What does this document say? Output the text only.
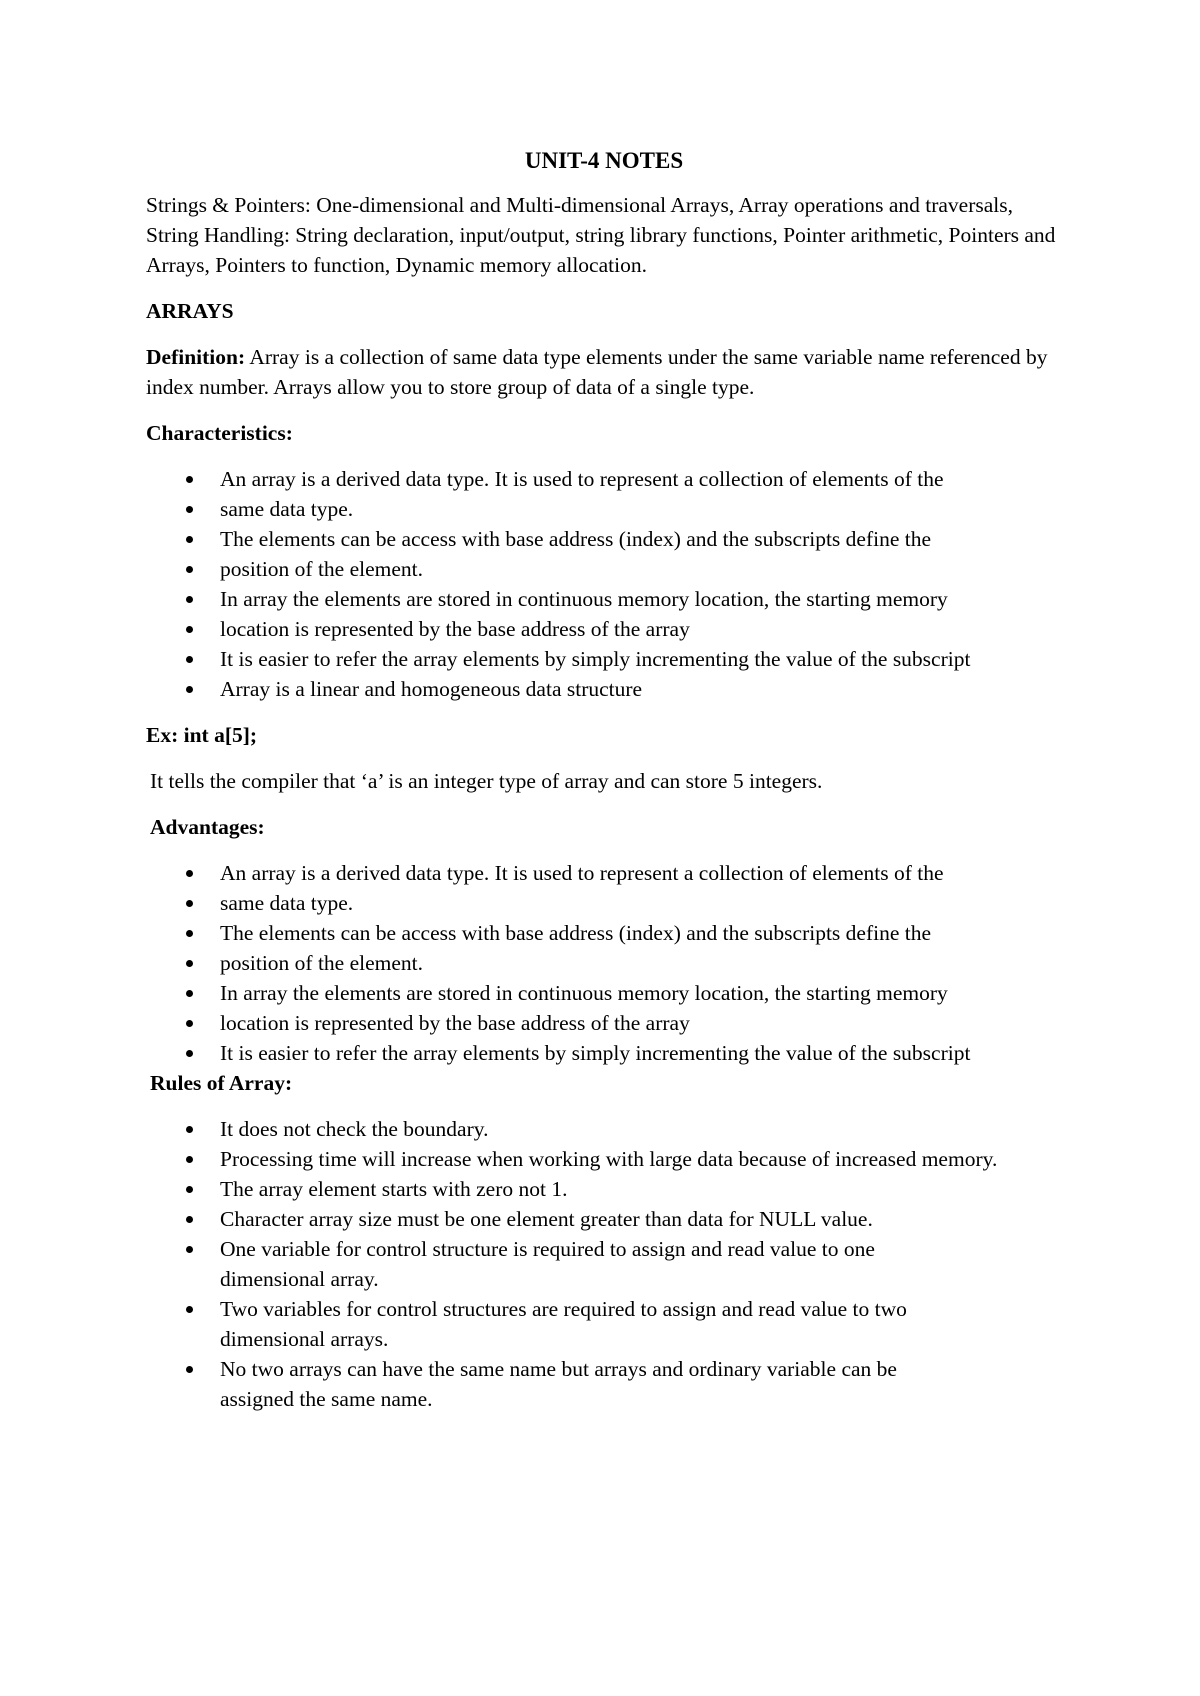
UNIT-4 NOTES

Strings & Pointers: One-dimensional and Multi-dimensional Arrays, Array operations and traversals, String Handling: String declaration, input/output, string library functions, Pointer arithmetic, Pointers and Arrays, Pointers to function, Dynamic memory allocation.

ARRAYS

Definition: Array is a collection of same data type elements under the same variable name referenced by index number. Arrays allow you to store group of data of a single type.

Characteristics:

An array is a derived data type. It is used to represent a collection of elements of the
same data type.
The elements can be access with base address (index) and the subscripts define the
position of the element.
In array the elements are stored in continuous memory location, the starting memory
location is represented by the base address of the array
It is easier to refer the array elements by simply incrementing the value of the subscript
Array is a linear and homogeneous data structure

Ex: int a[5];

It tells the compiler that ‘a’ is an integer type of array and can store 5 integers.

Advantages:

An array is a derived data type. It is used to represent a collection of elements of the
same data type.
The elements can be access with base address (index) and the subscripts define the
position of the element.
In array the elements are stored in continuous memory location, the starting memory
location is represented by the base address of the array
It is easier to refer the array elements by simply incrementing the value of the subscript

Rules of Array:

It does not check the boundary.
Processing time will increase when working with large data because of increased memory.
The array element starts with zero not 1.
Character array size must be one element greater than data for NULL value.
One variable for control structure is required to assign and read value to one dimensional array.
Two variables for control structures are required to assign and read value to two dimensional arrays.
No two arrays can have the same name but arrays and ordinary variable can be assigned the same name.
